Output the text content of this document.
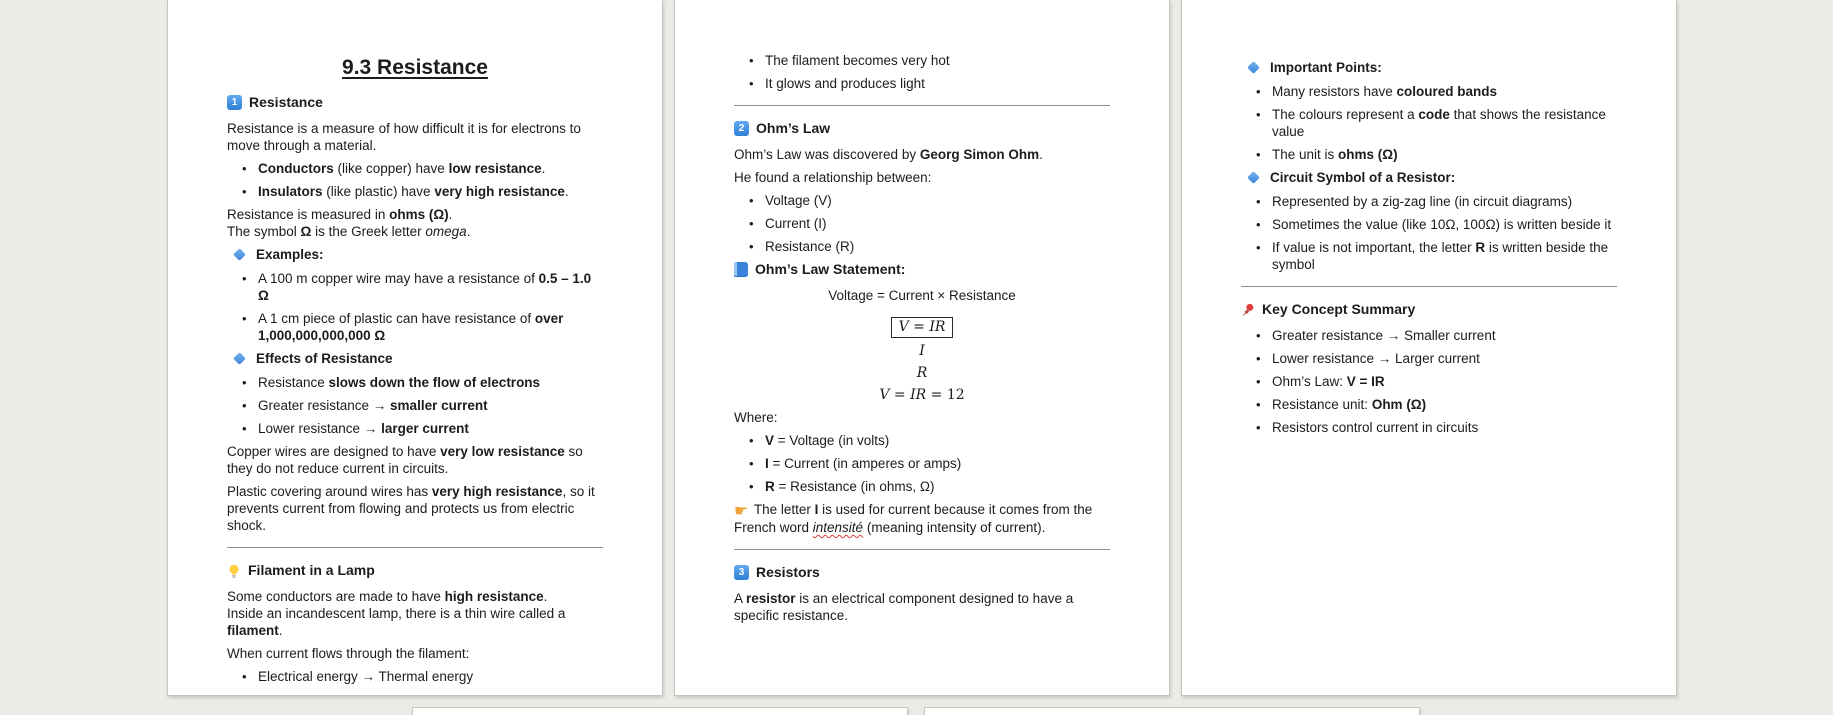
9.3 Resistance
1 Resistance

Resistance is a measure of how difficult it is for electrons to move through a material.

• Conductors (like copper) have low resistance.
• Insulators (like plastic) have very high resistance.

Resistance is measured in ohms (Ω).
The symbol Ω is the Greek letter omega.

Examples:
• A 100 m copper wire may have a resistance of 0.5 – 1.0 Ω
• A 1 cm piece of plastic can have resistance of over 1,000,000,000,000 Ω
Effects of Resistance
• Resistance slows down the flow of electrons
• Greater resistance → smaller current
• Lower resistance → larger current

Copper wires are designed to have very low resistance so they do not reduce current in circuits.

Plastic covering around wires has very high resistance, so it prevents current from flowing and protects us from electric shock.

Filament in a Lamp

Some conductors are made to have high resistance.
Inside an incandescent lamp, there is a thin wire called a filament.

When current flows through the filament:

• Electrical energy → Thermal energy
• The filament becomes very hot
• It glows and produces light
2 Ohm’s Law

Ohm’s Law was discovered by Georg Simon Ohm.

He found a relationship between:

• Voltage (V)
• Current (I)
• Resistance (R)
Ohm’s Law Statement:

Voltage = Current × Resistance

V = IR
I
R
V = IR = 12

Where:

• V = Voltage (in volts)
• I = Current (in amperes or amps)
• R = Resistance (in ohms, Ω)

☛ The letter I is used for current because it comes from the French word intensité (meaning intensity of current).

3 Resistors

A resistor is an electrical component designed to have a specific resistance.

Important Points:
• Many resistors have coloured bands
• The colours represent a code that shows the resistance value
• The unit is ohms (Ω)
Circuit Symbol of a Resistor:
• Represented by a zig-zag line (in circuit diagrams)
• Sometimes the value (like 10Ω, 100Ω) is written beside it
• If value is not important, the letter R is written beside the symbol
Key Concept Summary
• Greater resistance → Smaller current
• Lower resistance → Larger current
• Ohm’s Law: V = IR
• Resistance unit: Ohm (Ω)
• Resistors control current in circuits
